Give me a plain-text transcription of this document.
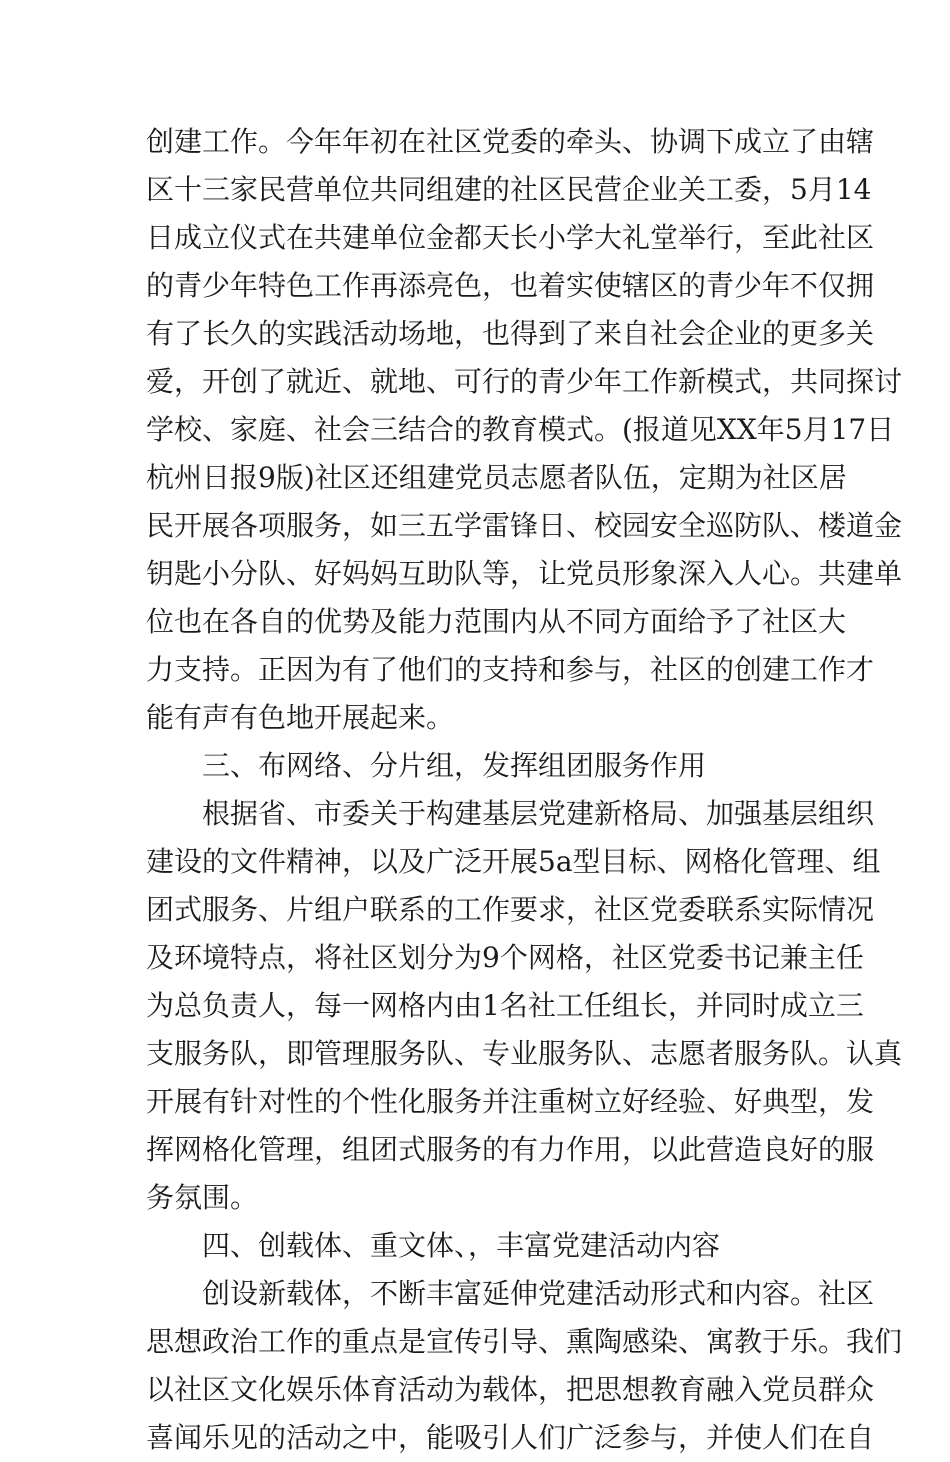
创建工作。今年年初在社区党委的牵头、协调下成立了由辖
区十三家民营单位共同组建的社区民营企业关工委，5月14
日成立仪式在共建单位金都天长小学大礼堂举行，至此社区
的青少年特色工作再添亮色，也着实使辖区的青少年不仅拥
有了长久的实践活动场地，也得到了来自社会企业的更多关
爱，开创了就近、就地、可行的青少年工作新模式，共同探讨
学校、家庭、社会三结合的教育模式。(报道见XX年5月17日
杭州日报9版)社区还组建党员志愿者队伍，定期为社区居
民开展各项服务，如三五学雷锋日、校园安全巡防队、楼道金
钥匙小分队、好妈妈互助队等，让党员形象深入人心。共建单
位也在各自的优势及能力范围内从不同方面给予了社区大
力支持。正因为有了他们的支持和参与，社区的创建工作才
能有声有色地开展起来。
三、布网络、分片组，发挥组团服务作用
根据省、市委关于构建基层党建新格局、加强基层组织
建设的文件精神，以及广泛开展5a型目标、网格化管理、组
团式服务、片组户联系的工作要求，社区党委联系实际情况
及环境特点，将社区划分为9个网格，社区党委书记兼主任
为总负责人，每一网格内由1名社工任组长，并同时成立三
支服务队，即管理服务队、专业服务队、志愿者服务队。认真
开展有针对性的个性化服务并注重树立好经验、好典型，发
挥网格化管理，组团式服务的有力作用，以此营造良好的服
务氛围。
四、创载体、重文体、，丰富党建活动内容
创设新载体，不断丰富延伸党建活动形式和内容。社区
思想政治工作的重点是宣传引导、熏陶感染、寓教于乐。我们
以社区文化娱乐体育活动为载体，把思想教育融入党员群众
喜闻乐见的活动之中，能吸引人们广泛参与，并使人们在自
